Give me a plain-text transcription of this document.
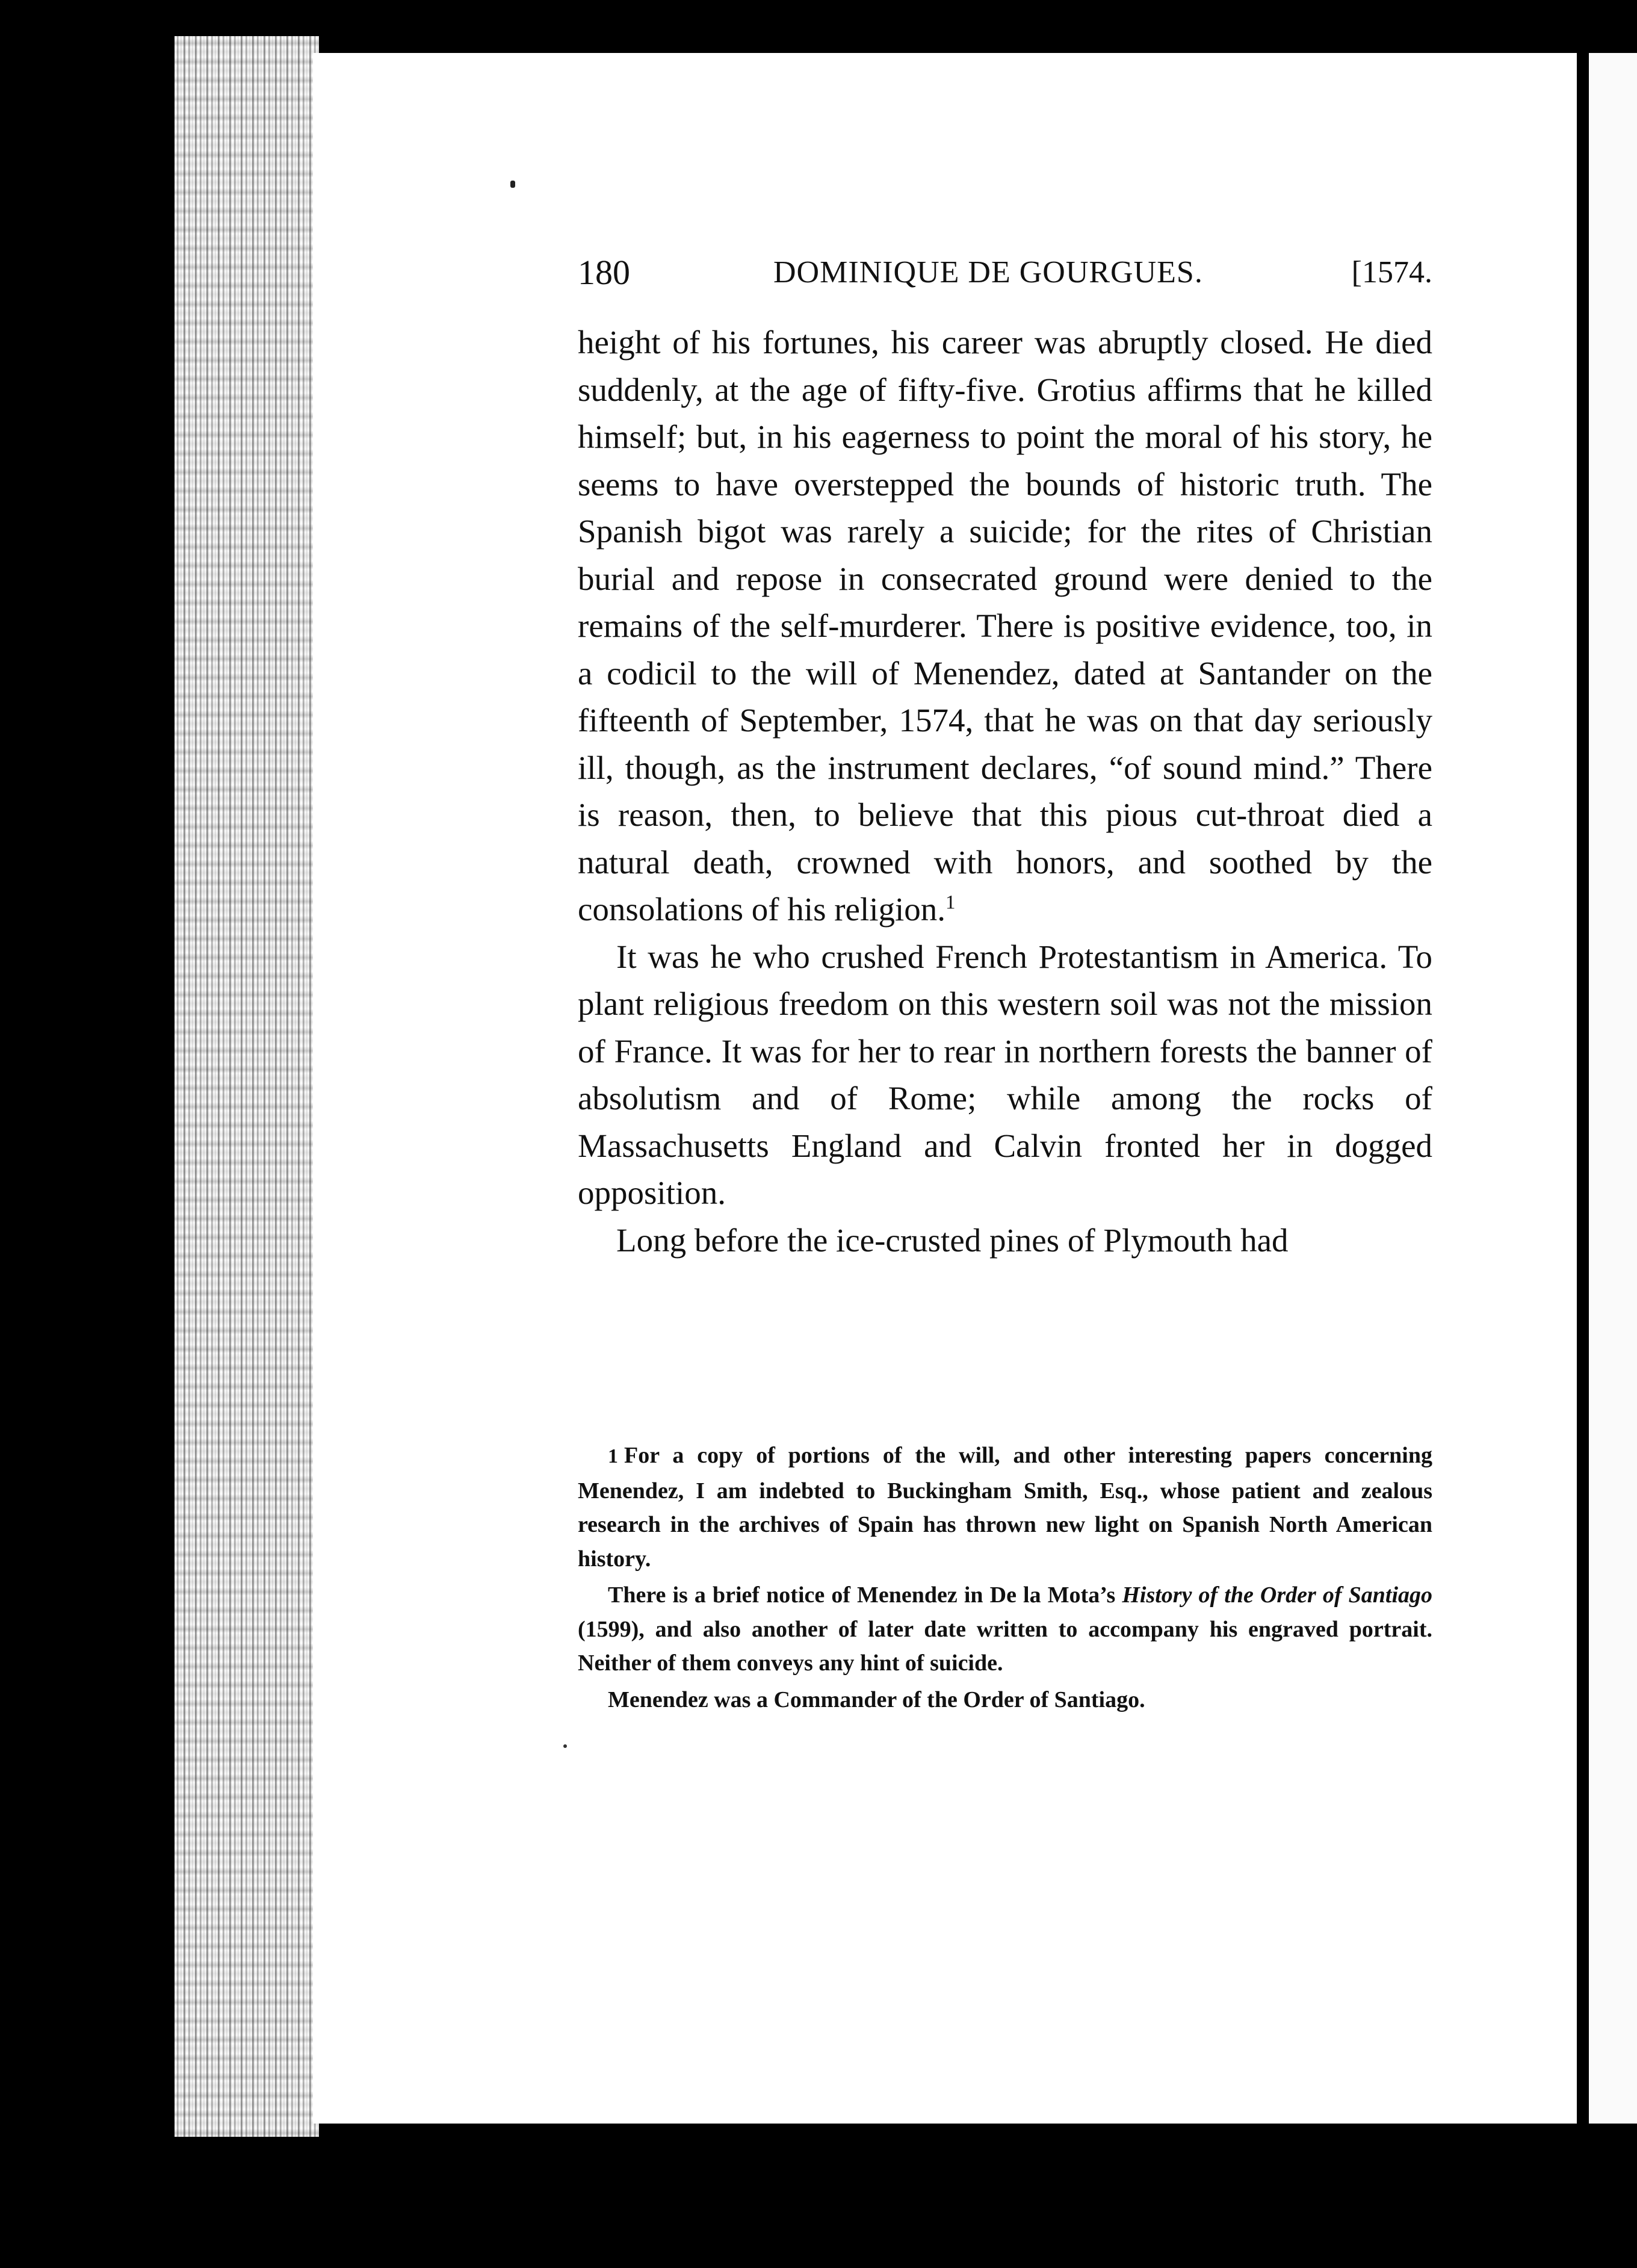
180	DOMINIQUE DE GOURGUES.	[1574.

height of his fortunes, his career was abruptly closed. He died suddenly, at the age of fifty-five. Grotius affirms that he killed himself; but, in his eagerness to point the moral of his story, he seems to have overstepped the bounds of historic truth. The Spanish bigot was rarely a suicide; for the rites of Christian burial and repose in consecrated ground were denied to the remains of the self-murderer. There is positive evidence, too, in a codicil to the will of Menendez, dated at Santander on the fifteenth of September, 1574, that he was on that day seriously ill, though, as the instrument declares, “of sound mind.” There is reason, then, to believe that this pious cut-throat died a natural death, crowned with honors, and soothed by the consolations of his religion.$^1$

It was he who crushed French Protestantism in America. To plant religious freedom on this western soil was not the mission of France. It was for her to rear in northern forests the banner of absolutism and of Rome; while among the rocks of Massachusetts England and Calvin fronted her in dogged opposition.

Long before the ice-crusted pines of Plymouth had

1 For a copy of portions of the will, and other interesting papers concerning Menendez, I am indebted to Buckingham Smith, Esq., whose patient and zealous research in the archives of Spain has thrown new light on Spanish North American history.

There is a brief notice of Menendez in De la Mota’s History of the Order of Santiago (1599), and also another of later date written to accompany his engraved portrait. Neither of them conveys any hint of suicide.

Menendez was a Commander of the Order of Santiago.
